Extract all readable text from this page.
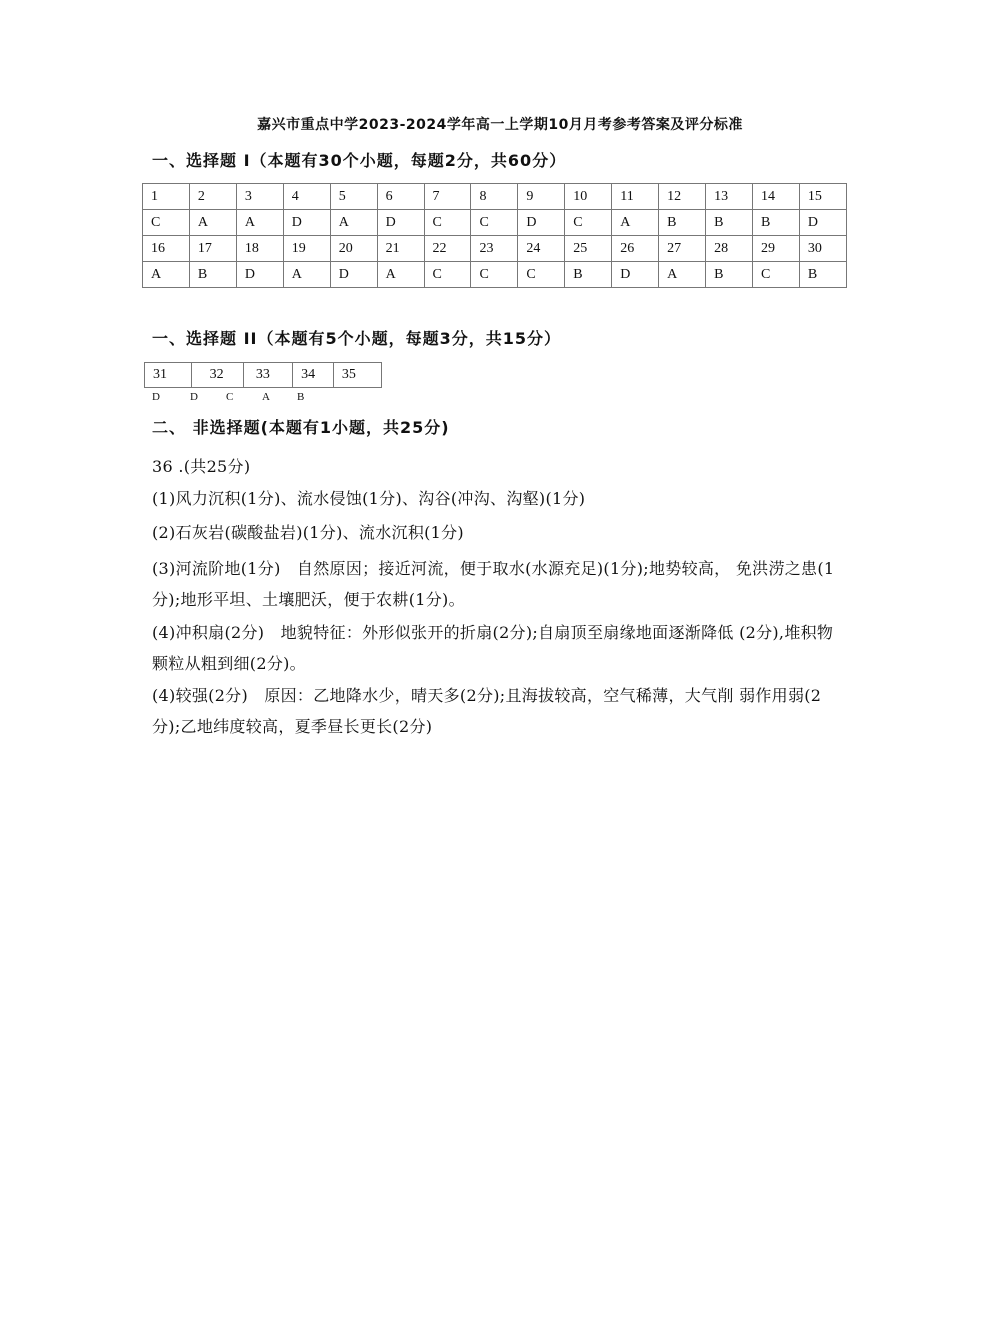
嘉兴市重点中学2023-2024学年高一上学期10月月考参考答案及评分标准
一、选择题 I（本题有30个小题，每题2分，共60分）
1	2	3	4	5	6	7	8	9	10	11	12	13	14	15
C	A	A	D	A	D	C	C	D	C	A	B	B	B	D
16	17	18	19	20	21	22	23	24	25	26	27	28	29	30
A	B	D	A	D	A	C	C	C	B	D	A	B	C	B
一、选择题 II（本题有5个小题，每题3分，共15分）
31	32	33	34	35
D	D	C	A B
二、 非选择题(本题有1小题，共25分)
36 .(共25分)
(1)风力沉积(1分)、流水侵蚀(1分)、沟谷(冲沟、沟壑)(1分)
(2)石灰岩(碳酸盐岩)(1分)、流水沉积(1分)
(3)河流阶地(1分)　自然原因；接近河流，便于取水(水源充足)(1分);地势较高， 免洪涝之患(1分);地形平坦、土壤肥沃，便于农耕(1分)。
(4)冲积扇(2分)　地貌特征：外形似张开的折扇(2分);自扇顶至扇缘地面逐渐降低 (2分),堆积物颗粒从粗到细(2分)。
(4)较强(2分)　原因：乙地降水少，晴天多(2分);且海拔较高，空气稀薄，大气削 弱作用弱(2分);乙地纬度较高，夏季昼长更长(2分)
